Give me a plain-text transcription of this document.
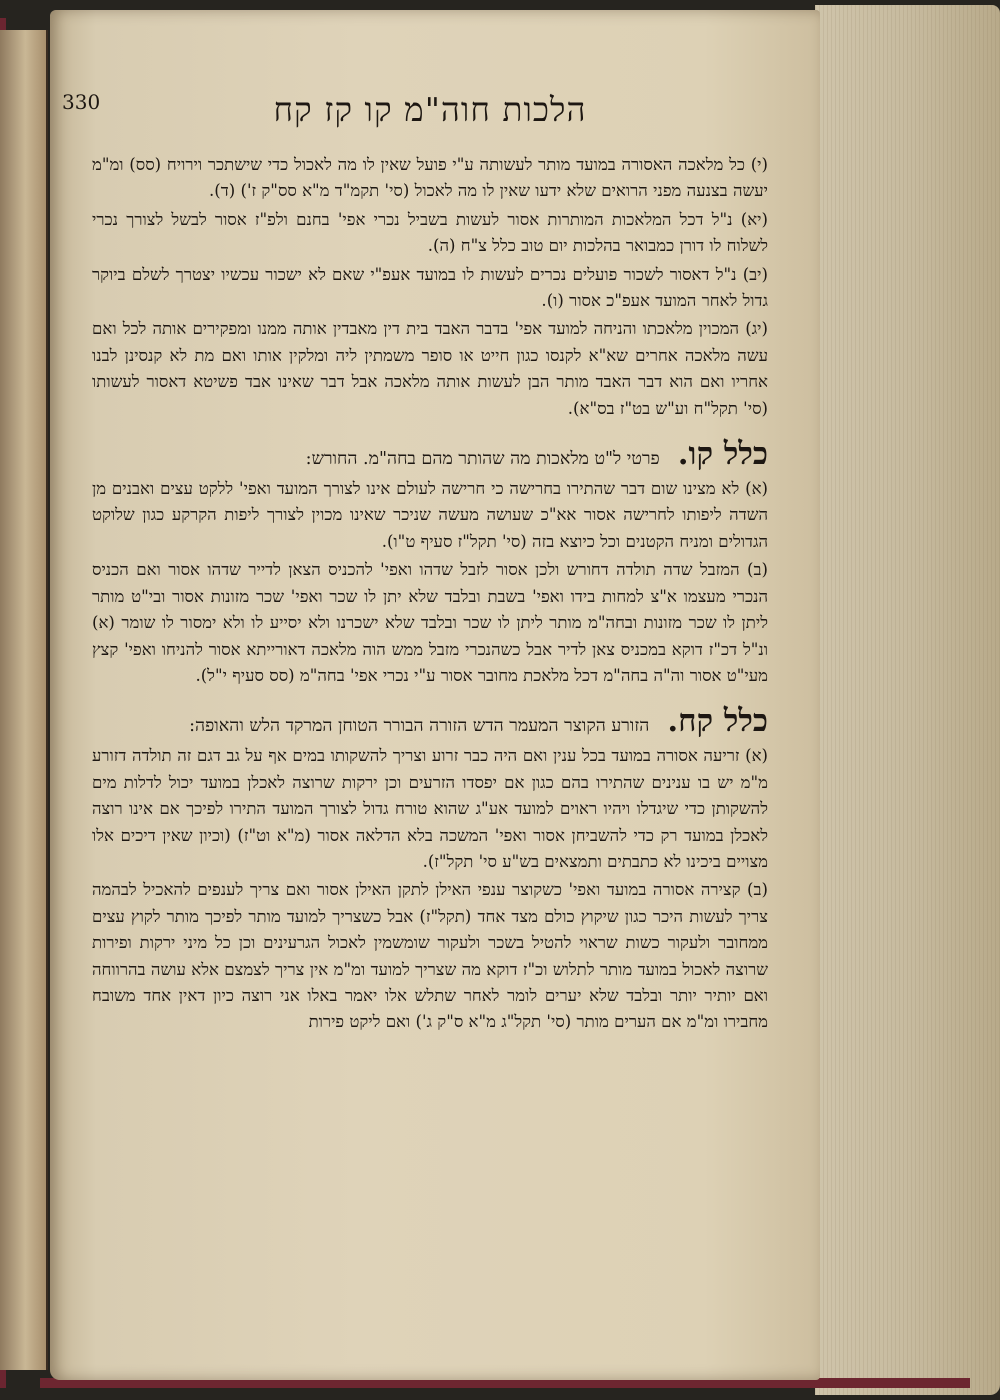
הלכות חוה"מ קו קז קח
330

(י) כל מלאכה האסורה במועד מותר לעשותה ע"י פועל שאין לו מה לאכול כדי שישתכר וירויח (סס) ומ"מ יעשה בצנעה מפני הרואים שלא ידעו שאין לו מה לאכול (סי' תקמ"ד מ"א סס"ק ז') (ד).

(יא) נ"ל דכל המלאכות המותרות אסור לעשות בשביל נכרי אפי' בחנם ולפ"ז אסור לבשל לצורך נכרי לשלוח לו דורן כמבואר בהלכות יום טוב כלל צ"ח (ה).

(יב) נ"ל דאסור לשכור פועלים נכרים לעשות לו במועד אעפ"י שאם לא ישכור עכשיו יצטרך לשלם ביוקר גדול לאחר המועד אעפ"כ אסור (ו).

(יג) המכוין מלאכתו והניחה למועד אפי' בדבר האבד בית דין מאבדין אותה ממנו ומפקירים אותה לכל ואם עשה מלאכה אחרים שא"א לקנסו כגון חייט או סופר משמתין ליה ומלקין אותו ואם מת לא קנסינן לבנו אחריו ואם הוא דבר האבד מותר הבן לעשות אותה מלאכה אבל דבר שאינו אבד פשיטא דאסור לעשותו (סי' תקל"ח וע"ש בט"ז בס"א).

כלל קו.פרטי ל"ט מלאכות מה שהותר מהם בחה"מ. החורש:

(א) לא מצינו שום דבר שהתירו בחרישה כי חרישה לעולם אינו לצורך המועד ואפי' ללקט עצים ואבנים מן השדה ליפותו לחרישה אסור אא"כ שעושה מעשה שניכר שאינו מכוין לצורך ליפות הקרקע כגון שלוקט הגדולים ומניח הקטנים וכל כיוצא בזה (סי' תקל"ז סעיף ט"ו).

(ב) המזבל שדה תולדה דחורש ולכן אסור לזבל שדהו ואפי' להכניס הצאן לדייר שדהו אסור ואם הכניס הנכרי מעצמו א"צ למחות בידו ואפי' בשבת ובלבד שלא יתן לו שכר ואפי' שכר מזונות אסור ובי"ט מותר ליתן לו שכר מזונות ובחה"מ מותר ליתן לו שכר ובלבד שלא ישכרנו ולא יסייע לו ולא ימסור לו שומר (א) ונ"ל דכ"ז דוקא במכניס צאן לדיר אבל כשהנכרי מזבל ממש הוה מלאכה דאורייתא אסור להניחו ואפי' קצץ מעי"ט אסור וה"ה בחה"מ דכל מלאכת מחובר אסור ע"י נכרי אפי' בחה"מ (סס סעיף י"ל).

כלל קח.הזורע הקוצר המעמר הדש הזורה הבורר הטוחן המרקד הלש והאופה:

(א) זריעה אסורה במועד בכל ענין ואם היה כבר זרוע וצריך להשקותו במים אף על גב דגם זה תולדה דזורע מ"מ יש בו ענינים שהתירו בהם כגון אם יפסדו הזרעים וכן ירקות שרוצה לאכלן במועד יכול לדלות מים להשקותן כדי שיגדלו ויהיו ראוים למועד אע"ג שהוא טורח גדול לצורך המועד התירו לפיכך אם אינו רוצה לאכלן במועד רק כדי להשביחן אסור ואפי' המשכה בלא הדלאה אסור (מ"א וט"ז) (וכיון שאין דיכים אלו מצויים ביכינו לא כתבתים ותמצאים בש"ע סי' תקל"ז).

(ב) קצירה אסורה במועד ואפי' כשקוצר ענפי האילן לתקן האילן אסור ואם צריך לענפים להאכיל לבהמה צריך לעשות היכר כגון שיקוץ כולם מצד אחד (תקל"ז) אבל כשצריך למועד מותר לפיכך מותר לקוץ עצים ממחובר ולעקור כשות שראוי להטיל בשכר ולעקור שומשמין לאכול הגרעינים וכן כל מיני ירקות ופירות שרוצה לאכול במועד מותר לתלוש וכ"ז דוקא מה שצריך למועד ומ"מ אין צריך לצמצם אלא עושה בהרווחה ואם יותיר יותר ובלבד שלא יערים לומר לאחר שתלש אלו יאמר באלו אני רוצה כיון דאין אחד משובח מחבירו ומ"מ אם הערים מותר (סי' תקל"ג מ"א ס"ק ג') ואם ליקט פירות
